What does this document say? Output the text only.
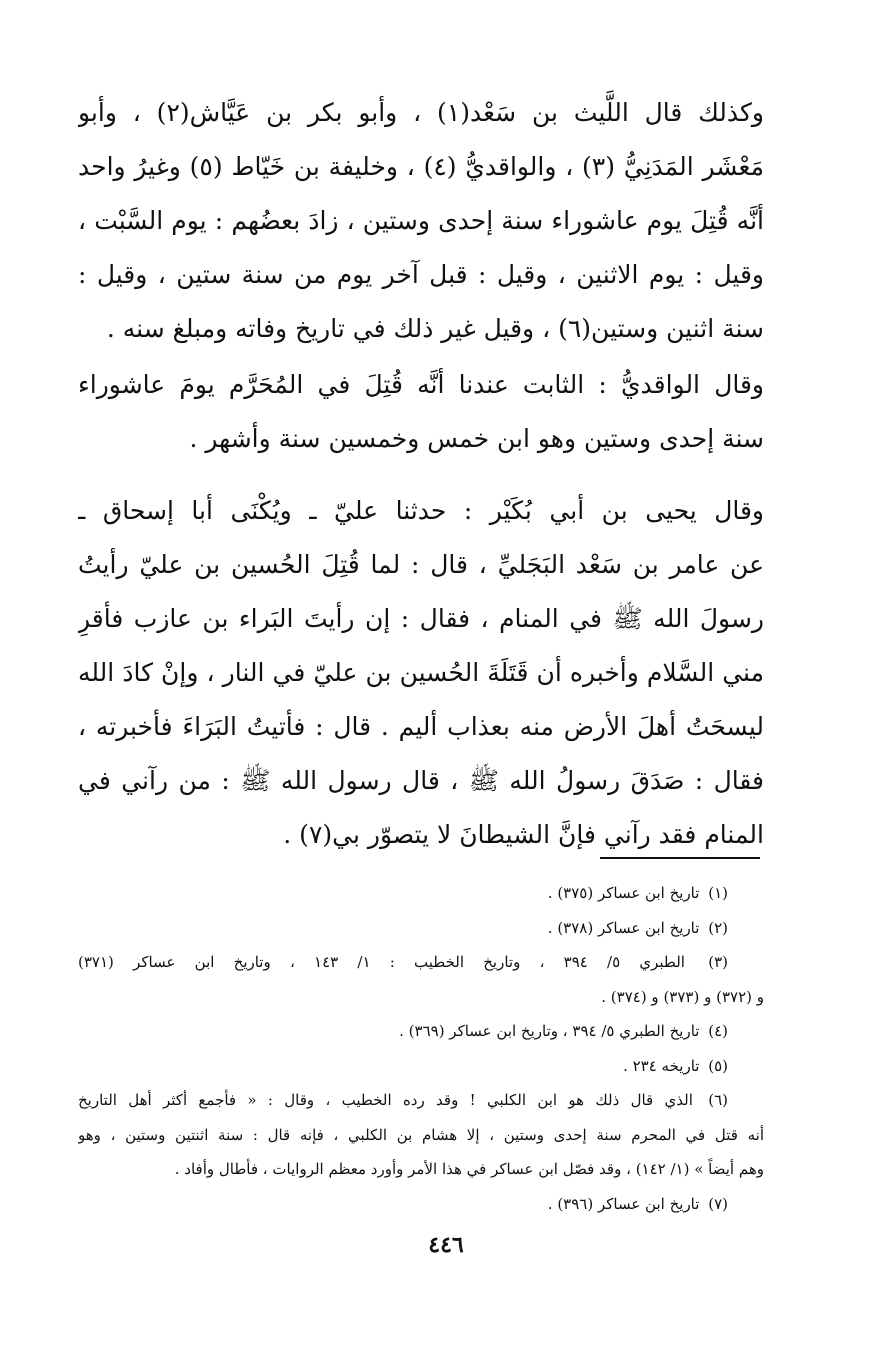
وكذلك قال اللَّيث بن سَعْد(١) ، وأبو بكر بن عَيَّاش(٢) ، وأبو
مَعْشَر المَدَنِيُّ (٣) ، والواقديُّ (٤) ، وخليفة بن خَيّاط (٥) وغيرُ واحد
أنَّه قُتِلَ يوم عاشوراء سنة إحدى وستين ، زادَ بعضُهم : يوم السَّبْت ،
وقيل : يوم الاثنين ، وقيل : قبل آخر يوم من سنة ستين ، وقيل :
سنة اثنين وستين(٦) ، وقيل غير ذلك في تاريخ وفاته ومبلغ سنه .
وقال الواقديُّ : الثابت عندنا أنَّه قُتِلَ في المُحَرَّم يومَ عاشوراء
سنة إحدى وستين وهو ابن خمس وخمسين سنة وأشهر .
وقال يحيى بن أبي بُكَيْر : حدثنا عليّ ـ ويُكْنَى أبا إسحاق ـ
عن عامر بن سَعْد البَجَليِّ ، قال : لما قُتِلَ الحُسين بن عليّ رأيتُ
رسولَ الله ﷺ في المنام ، فقال : إن رأيتَ البَراء بن عازب فأقرِ
مني السَّلام وأخبره أن قَتَلَةَ الحُسين بن عليّ في النار ، وإنْ كادَ الله
ليسحَتُ أهلَ الأرض منه بعذاب أليم . قال : فأتيتُ البَرَاءَ فأخبرته ،
فقال : صَدَقَ رسولُ الله ﷺ ، قال رسول الله ﷺ : من رآني في
المنام فقد رآني فإنَّ الشيطانَ لا يتصوّر بي(٧) .
(١) تاريخ ابن عساكر (٣٧٥) .
(٢) تاريخ ابن عساكر (٣٧٨) .
(٣) الطبري ٥/ ٣٩٤ ، وتاريخ الخطيب : ١/ ١٤٣ ، وتاريخ ابن عساكر (٣٧١)
و (٣٧٢) و (٣٧٣) و (٣٧٤) .
(٤) تاريخ الطبري ٥/ ٣٩٤ ، وتاريخ ابن عساكر (٣٦٩) .
(٥) تاريخه ٢٣٤ .
(٦) الذي قال ذلك هو ابن الكلبي ! وقد رده الخطيب ، وقال : « فأجمع أكثر أهل التاريخ
أنه قتل في المحرم سنة إحدى وستين ، إلا هشام بن الكلبي ، فإنه قال : سنة اثنتين وستين ، وهو
وهم أيضاً » (١/ ١٤٢) ، وقد فصّل ابن عساكر في هذا الأمر وأورد معظم الروايات ، فأطال وأفاد .
(٧) تاريخ ابن عساكر (٣٩٦) .
٤٤٦
